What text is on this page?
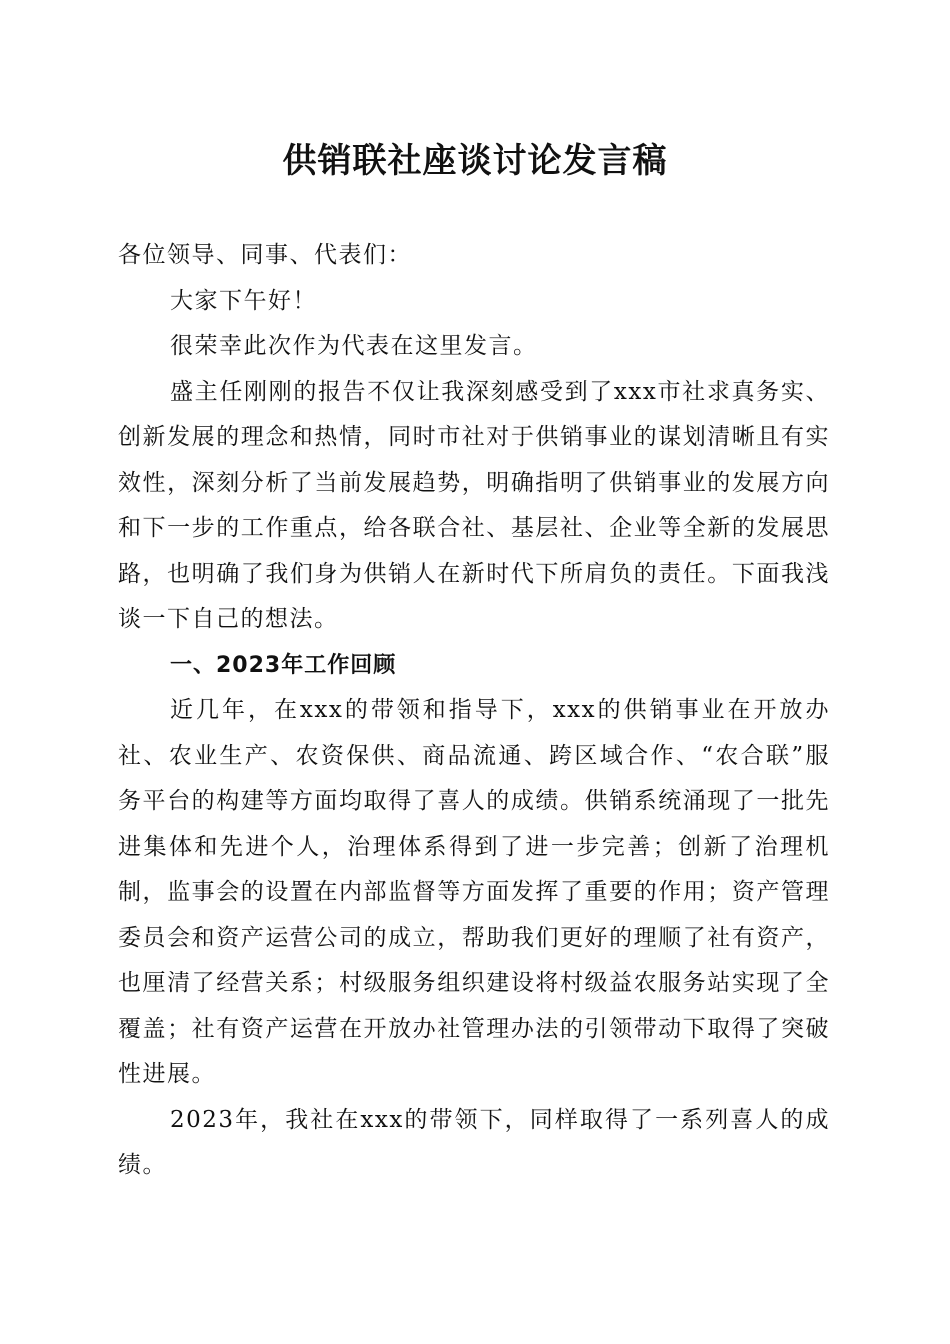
供销联社座谈讨论发言稿

各位领导、同事、代表们：

大家下午好！

很荣幸此次作为代表在这里发言。

盛主任刚刚的报告不仅让我深刻感受到了xxx市社求真务实、创新发展的理念和热情，同时市社对于供销事业的谋划清晰且有实效性，深刻分析了当前发展趋势，明确指明了供销事业的发展方向和下一步的工作重点，给各联合社、基层社、企业等全新的发展思路，也明确了我们身为供销人在新时代下所肩负的责任。下面我浅谈一下自己的想法。

一、2023年工作回顾

近几年，在xxx的带领和指导下，xxx的供销事业在开放办社、农业生产、农资保供、商品流通、跨区域合作、“农合联”服务平台的构建等方面均取得了喜人的成绩。供销系统涌现了一批先进集体和先进个人，治理体系得到了进一步完善；创新了治理机制，监事会的设置在内部监督等方面发挥了重要的作用；资产管理委员会和资产运营公司的成立，帮助我们更好的理顺了社有资产，也厘清了经营关系；村级服务组织建设将村级益农服务站实现了全覆盖；社有资产运营在开放办社管理办法的引领带动下取得了突破性进展。

2023年，我社在xxx的带领下，同样取得了一系列喜人的成绩。
